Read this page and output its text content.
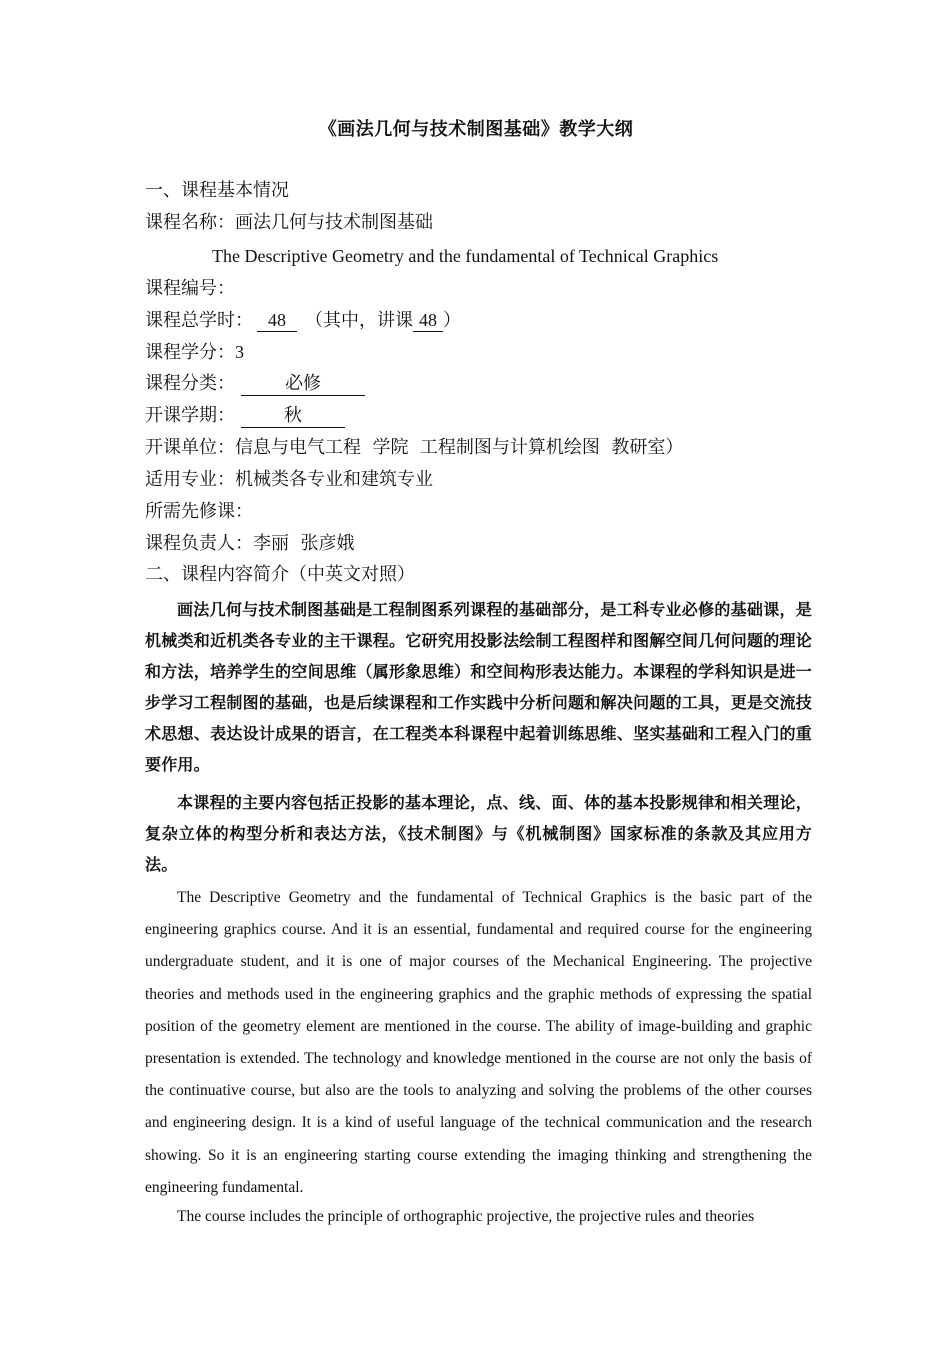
《画法几何与技术制图基础》教学大纲
一、课程基本情况
课程名称：画法几何与技术制图基础
The Descriptive Geometry and the fundamental of Technical Graphics
课程编号：
课程总学时： 48 （其中，讲课 48 ）
课程学分：3
课程分类：	必修
开课学期：	秋
开课单位：信息与电气工程  学院  工程制图与计算机绘图  教研室）
适用专业：机械类各专业和建筑专业
所需先修课：
课程负责人：李丽  张彦娥
二、课程内容简介（中英文对照）
画法几何与技术制图基础是工程制图系列课程的基础部分，是工科专业必修的基础课，是机械类和近机类各专业的主干课程。它研究用投影法绘制工程图样和图解空间几何问题的理论和方法，培养学生的空间思维（属形象思维）和空间构形表达能力。本课程的学科知识是进一步学习工程制图的基础，也是后续课程和工作实践中分析问题和解决问题的工具，更是交流技术思想、表达设计成果的语言，在工程类本科课程中起着训练思维、坚实基础和工程入门的重要作用。
本课程的主要内容包括正投影的基本理论，点、线、面、体的基本投影规律和相关理论，复杂立体的构型分析和表达方法，《技术制图》与《机械制图》国家标准的条款及其应用方法。
The Descriptive Geometry and the fundamental of Technical Graphics is the basic part of the engineering graphics course. And it is an essential, fundamental and required course for the engineering undergraduate student, and it is one of major courses of the Mechanical Engineering. The projective theories and methods used in the engineering graphics and the graphic methods of expressing the spatial position of the geometry element are mentioned in the course. The ability of image-building and graphic presentation is extended. The technology and knowledge mentioned in the course are not only the basis of the continuative course, but also are the tools to analyzing and solving the problems of the other courses and engineering design. It is a kind of useful language of the technical communication and the research showing. So it is an engineering starting course extending the imaging thinking and strengthening the engineering fundamental.
The course includes the principle of orthographic projective, the projective rules and theories
